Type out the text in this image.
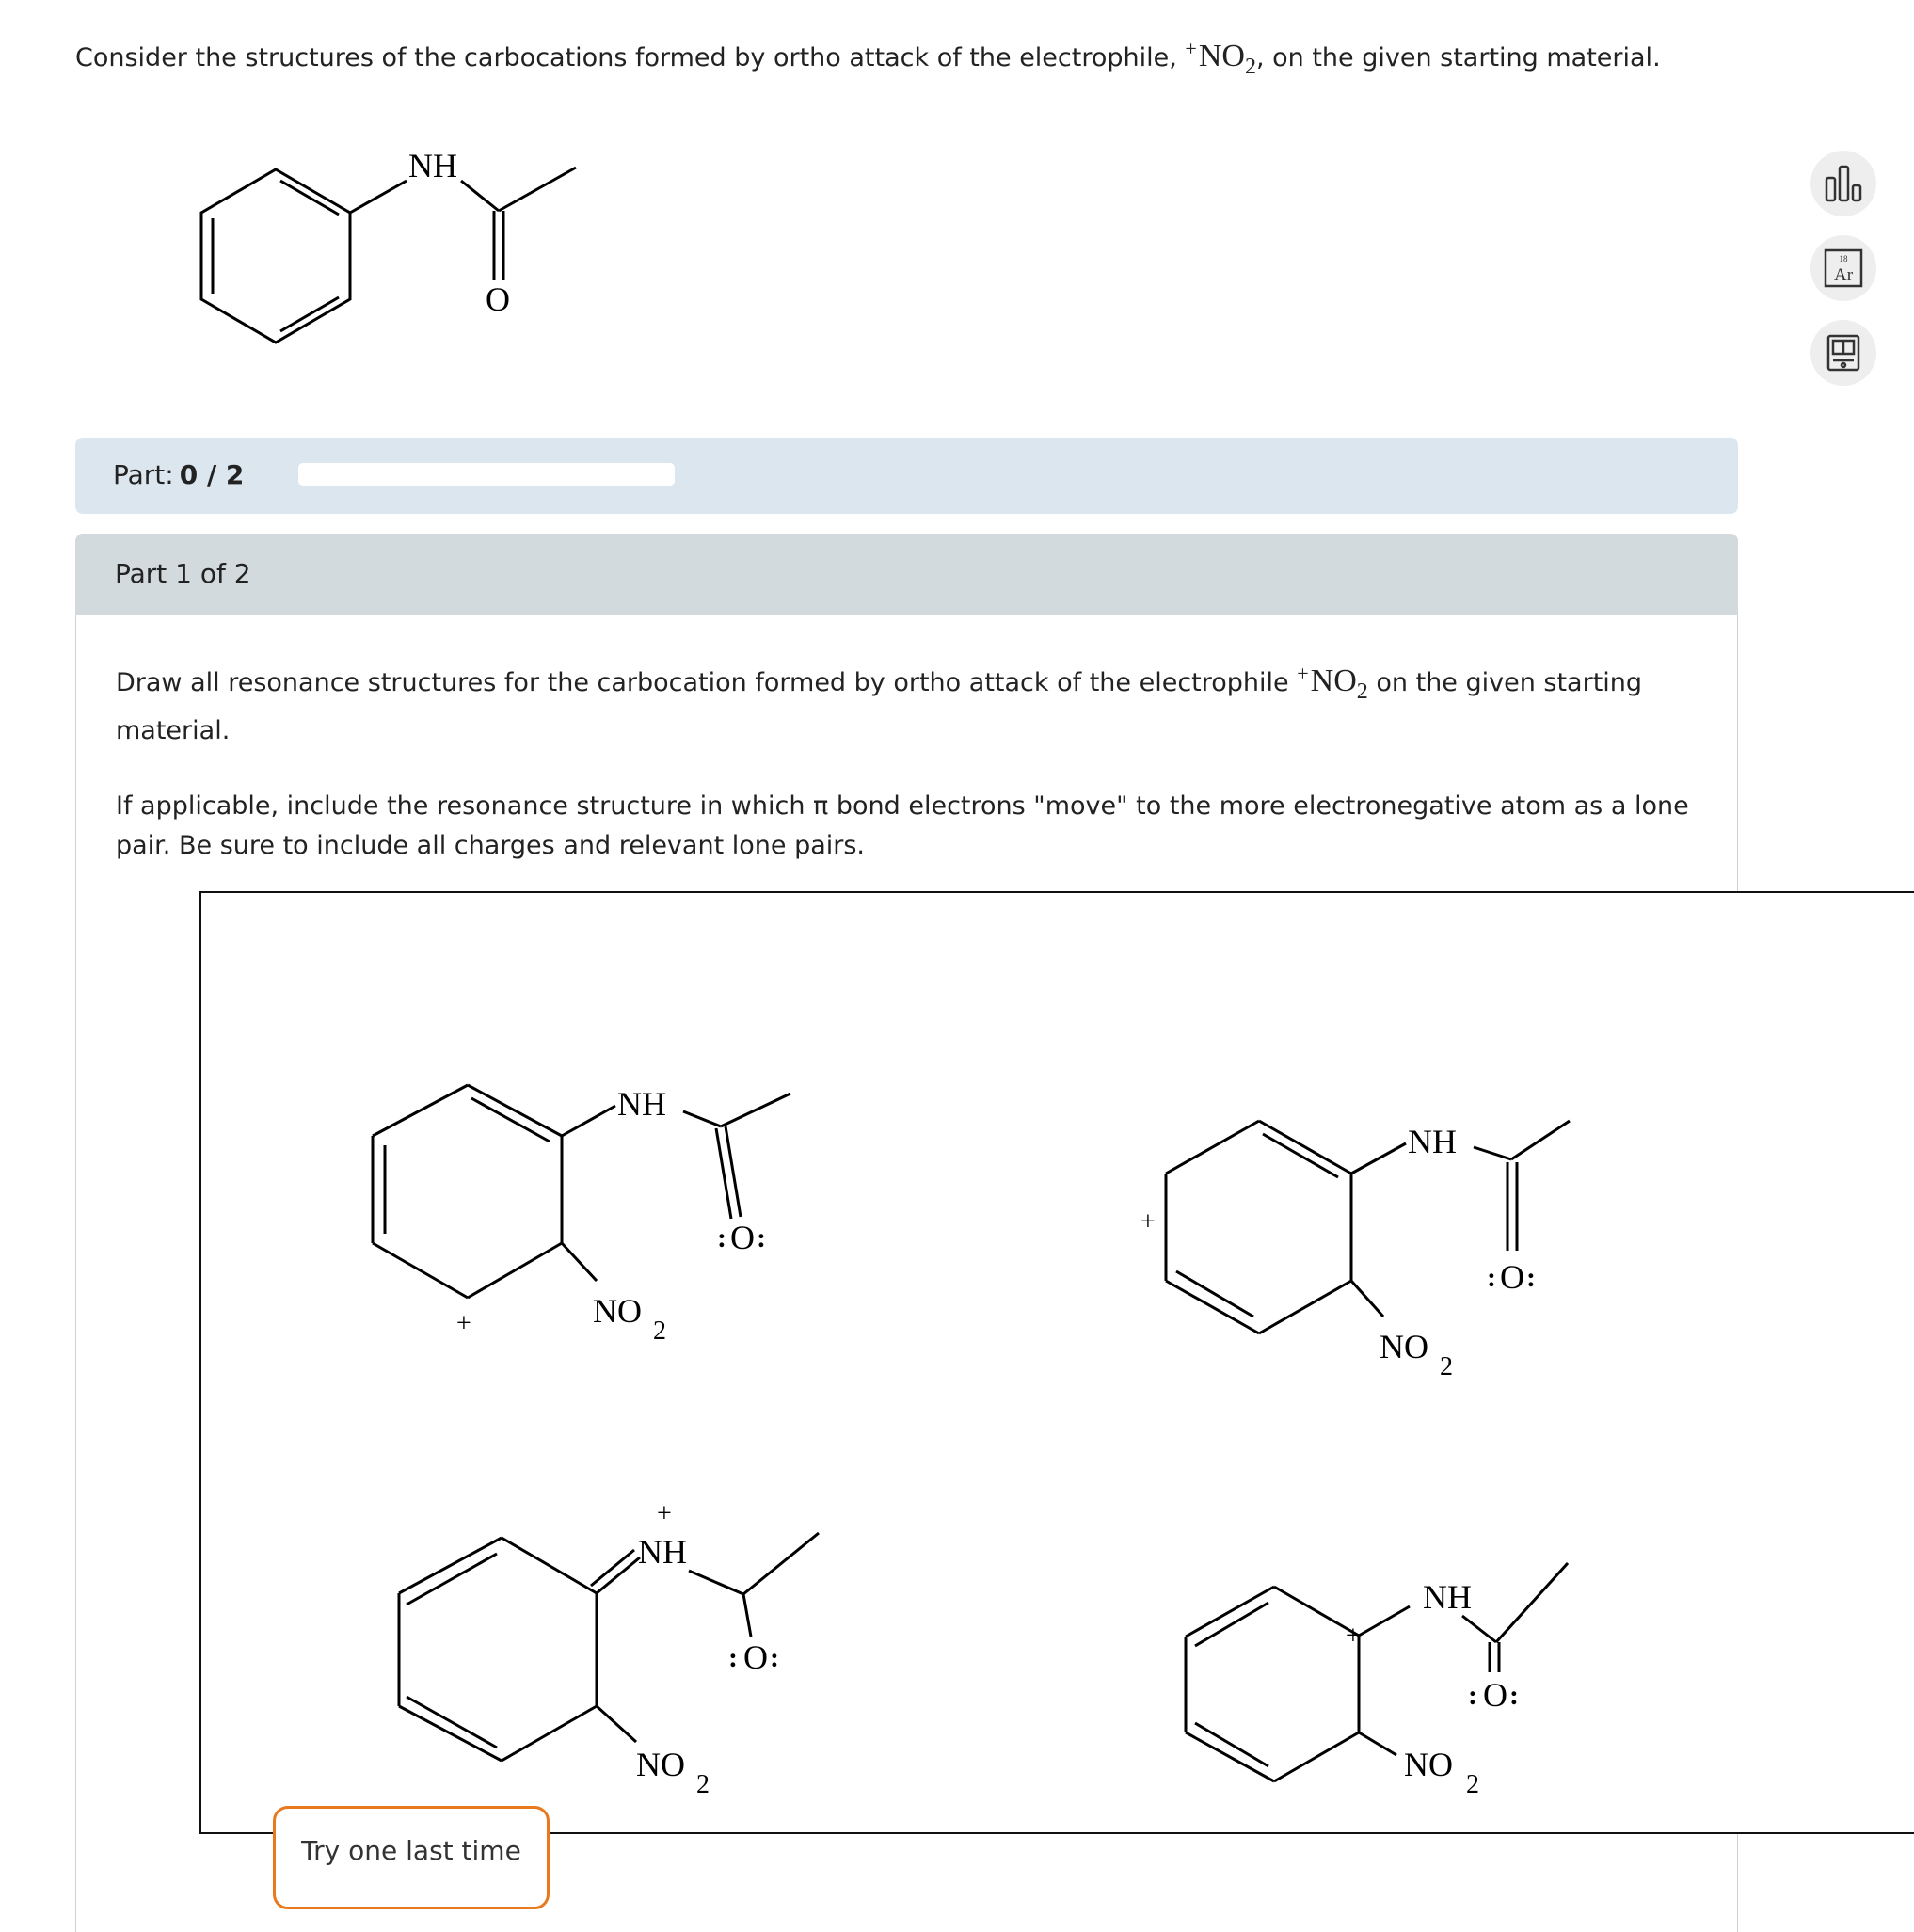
Consider the structures of the carbocations formed by ortho attack of the electrophile, $^+NO_2$, on the given starting material.
NH
O
18
Ar
Part: 0 / 2
Part 1 of 2
Draw all resonance structures for the carbocation formed by ortho attack of the electrophile $^+NO_2$ on the given starting material.
If applicable, include the resonance structure in which π bond electrons "move" to the more electronegative atom as a lone pair. Be sure to include all charges and relevant lone pairs.
NH
O
: :
NO
2
+
NH
O
: :
NO
2
+
NH
+
O
: :
NO
2
NH
+
O
: :
NO
2
Try one last time
